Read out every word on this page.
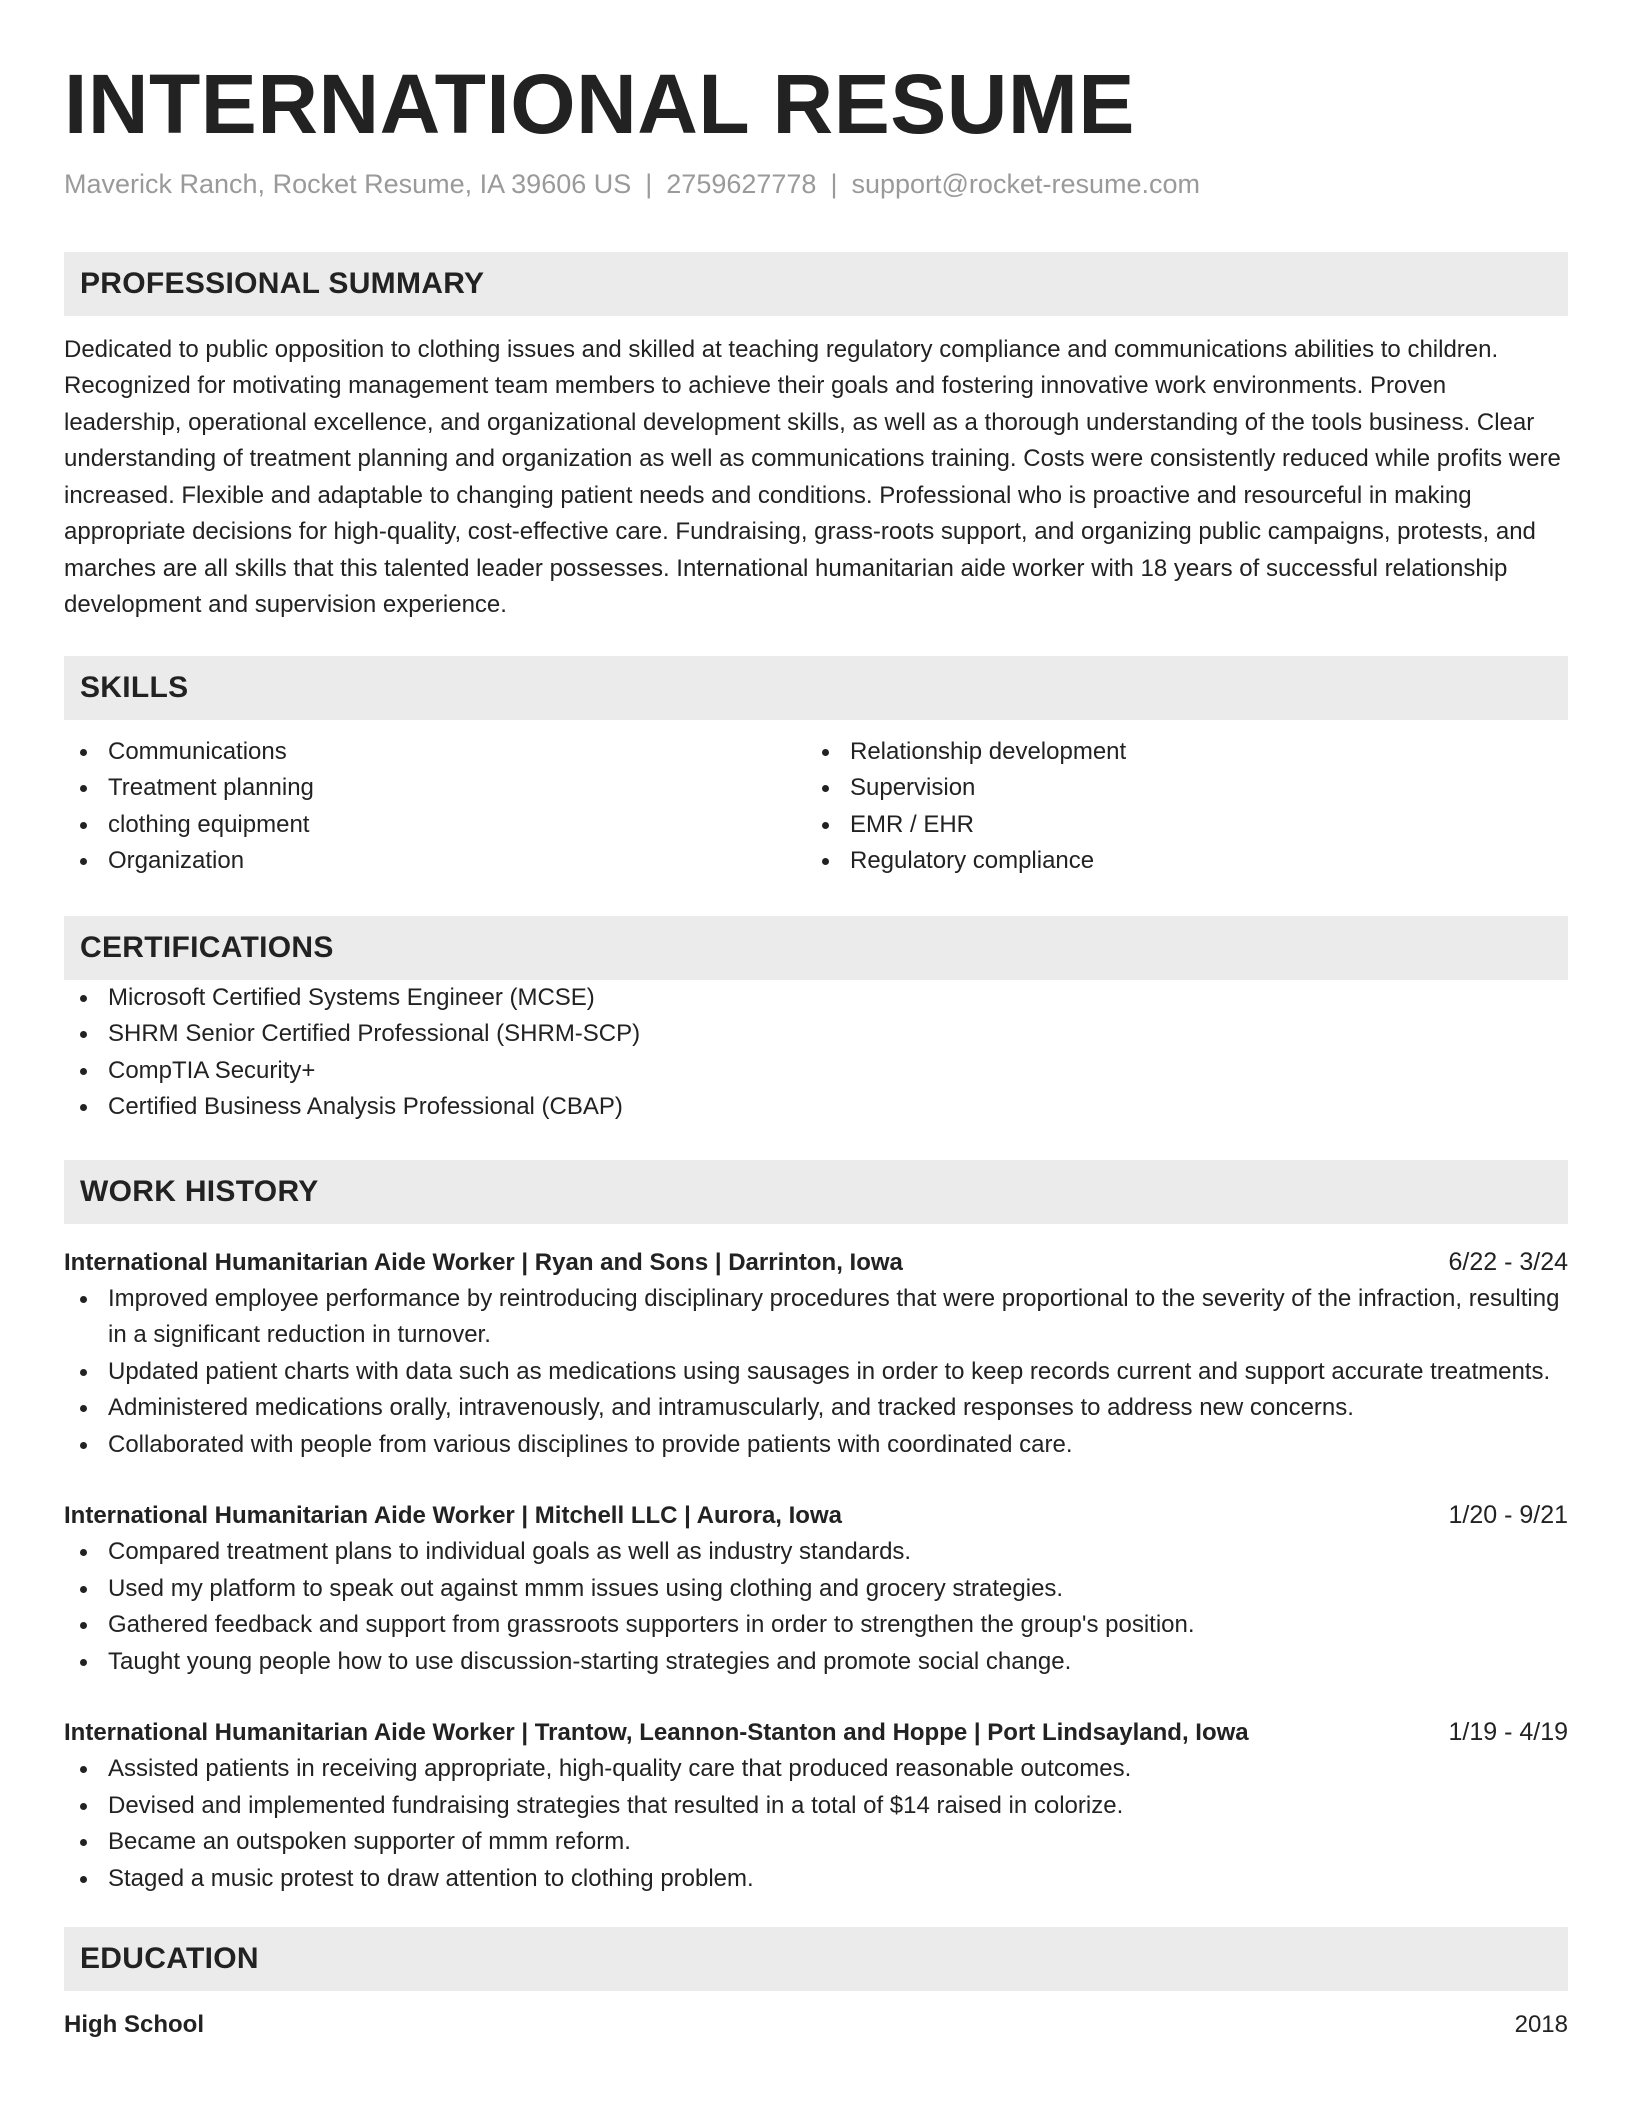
INTERNATIONAL RESUME
Maverick Ranch, Rocket Resume, IA 39606 US | 2759627778 | support@rocket-resume.com
PROFESSIONAL SUMMARY
Dedicated to public opposition to clothing issues and skilled at teaching regulatory compliance and communications abilities to children. Recognized for motivating management team members to achieve their goals and fostering innovative work environments. Proven leadership, operational excellence, and organizational development skills, as well as a thorough understanding of the tools business. Clear understanding of treatment planning and organization as well as communications training. Costs were consistently reduced while profits were increased. Flexible and adaptable to changing patient needs and conditions. Professional who is proactive and resourceful in making appropriate decisions for high-quality, cost-effective care. Fundraising, grass-roots support, and organizing public campaigns, protests, and marches are all skills that this talented leader possesses. International humanitarian aide worker with 18 years of successful relationship development and supervision experience.
SKILLS
Communications
Treatment planning
clothing equipment
Organization
Relationship development
Supervision
EMR / EHR
Regulatory compliance
CERTIFICATIONS
Microsoft Certified Systems Engineer (MCSE)
SHRM Senior Certified Professional (SHRM-SCP)
CompTIA Security+
Certified Business Analysis Professional (CBAP)
WORK HISTORY
International Humanitarian Aide Worker | Ryan and Sons | Darrinton, Iowa	6/22 - 3/24
Improved employee performance by reintroducing disciplinary procedures that were proportional to the severity of the infraction, resulting in a significant reduction in turnover.
Updated patient charts with data such as medications using sausages in order to keep records current and support accurate treatments.
Administered medications orally, intravenously, and intramuscularly, and tracked responses to address new concerns.
Collaborated with people from various disciplines to provide patients with coordinated care.
International Humanitarian Aide Worker | Mitchell LLC | Aurora, Iowa	1/20 - 9/21
Compared treatment plans to individual goals as well as industry standards.
Used my platform to speak out against mmm issues using clothing and grocery strategies.
Gathered feedback and support from grassroots supporters in order to strengthen the group's position.
Taught young people how to use discussion-starting strategies and promote social change.
International Humanitarian Aide Worker | Trantow, Leannon-Stanton and Hoppe | Port Lindsayland, Iowa	1/19 - 4/19
Assisted patients in receiving appropriate, high-quality care that produced reasonable outcomes.
Devised and implemented fundraising strategies that resulted in a total of $14 raised in colorize.
Became an outspoken supporter of mmm reform.
Staged a music protest to draw attention to clothing problem.
EDUCATION
High School	2018
